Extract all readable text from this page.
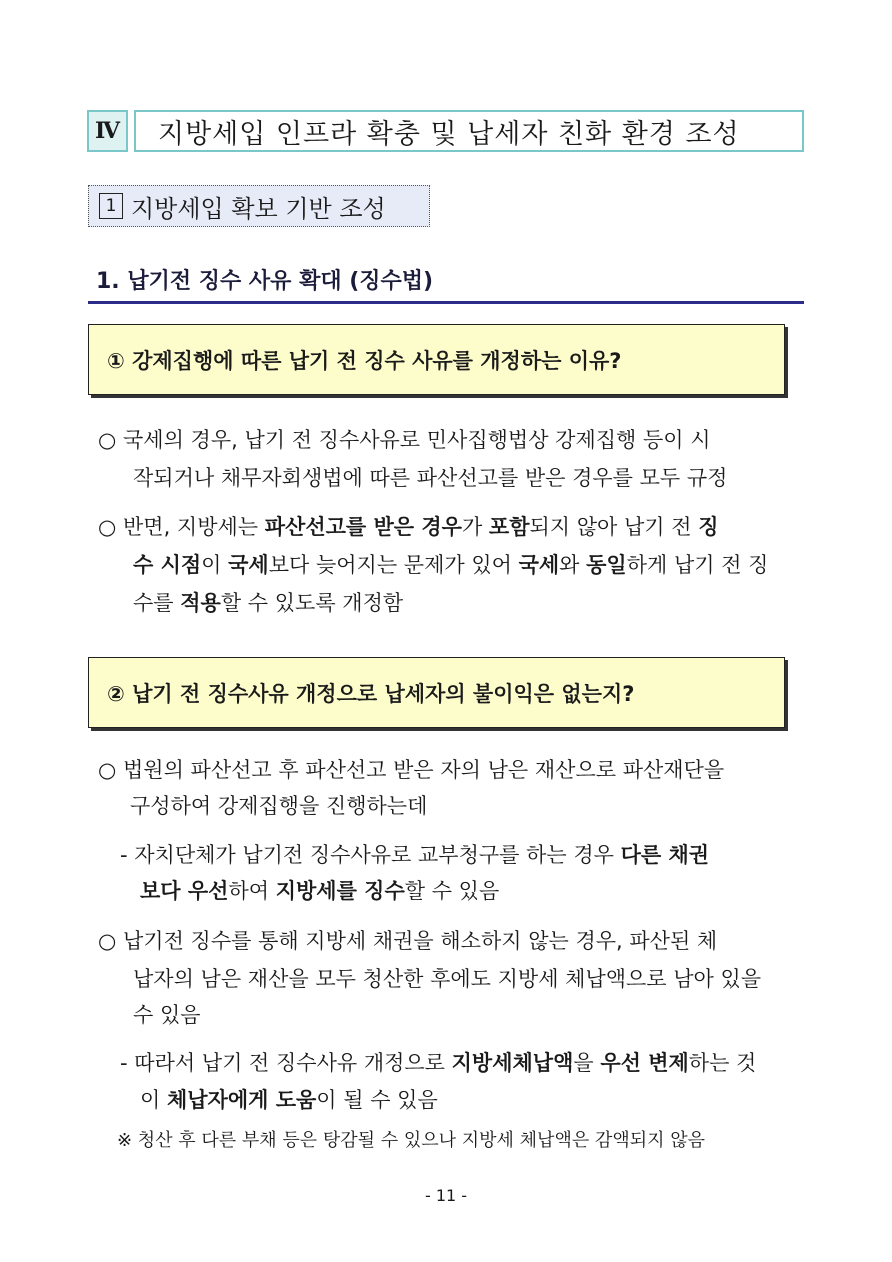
Ⅳ	지방세입 인프라 확충 및 납세자 친화 환경 조성
1 지방세입 확보 기반 조성
1. 납기전 징수 사유 확대 (징수법)
① 강제집행에 따른 납기 전 징수 사유를 개정하는 이유?
○ 국세의 경우, 납기 전 징수사유로 민사집행법상 강제집행 등이 시
작되거나 채무자회생법에 따른 파산선고를 받은 경우를 모두 규정
○ 반면, 지방세는 파산선고를 받은 경우가 포함되지 않아 납기 전 징
수 시점이 국세보다 늦어지는 문제가 있어 국세와 동일하게 납기 전 징
수를 적용할 수 있도록 개정함
② 납기 전 징수사유 개정으로 납세자의 불이익은 없는지?
○ 법원의 파산선고 후 파산선고 받은 자의 남은 재산으로 파산재단을
구성하여 강제집행을 진행하는데
- 자치단체가 납기전 징수사유로 교부청구를 하는 경우 다른 채권
보다 우선하여 지방세를 징수할 수 있음
○ 납기전 징수를 통해 지방세 채권을 해소하지 않는 경우, 파산된 체
납자의 남은 재산을 모두 청산한 후에도 지방세 체납액으로 남아 있을
수 있음
- 따라서 납기 전 징수사유 개정으로 지방세체납액을 우선 변제하는 것
이 체납자에게 도움이 될 수 있음
※ 청산 후 다른 부채 등은 탕감될 수 있으나 지방세 체납액은 감액되지 않음
- 11 -
